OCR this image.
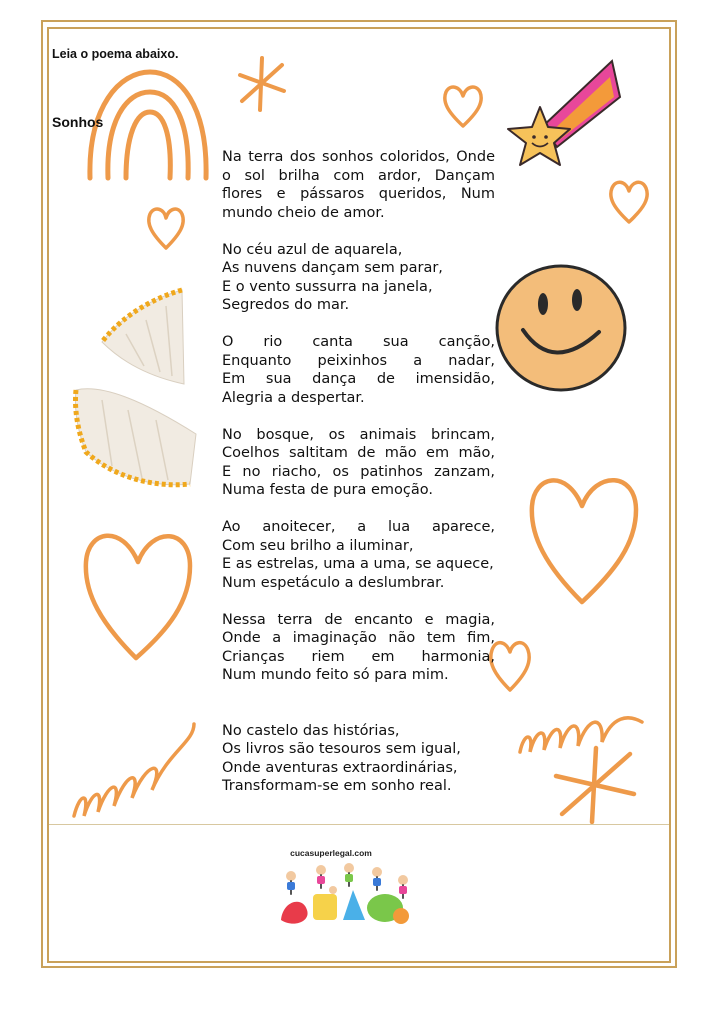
Leia o poema abaixo.

Sonhos

Na terra dos sonhos coloridos, Onde
o sol brilha com ardor, Dançam
flores e pássaros queridos, Num
mundo cheio de amor.
No céu azul de aquarela,
As nuvens dançam sem parar,
E o vento sussurra na janela,
Segredos do mar.
O rio canta sua canção,
Enquanto peixinhos a nadar,
Em sua dança de imensidão,
Alegria a despertar.
No bosque, os animais brincam,
Coelhos saltitam de mão em mão,
E no riacho, os patinhos zanzam,
Numa festa de pura emoção.
Ao anoitecer, a lua aparece,
Com seu brilho a iluminar,
E as estrelas, uma a uma, se aquece,
Num espetáculo a deslumbrar.
Nessa terra de encanto e magia,
Onde a imaginação não tem fim,
Crianças riem em harmonia,
Num mundo feito só para mim.
No castelo das histórias,
Os livros são tesouros sem igual,
Onde aventuras extraordinárias,
Transformam-se em sonho real.

cucasuperlegal.com
